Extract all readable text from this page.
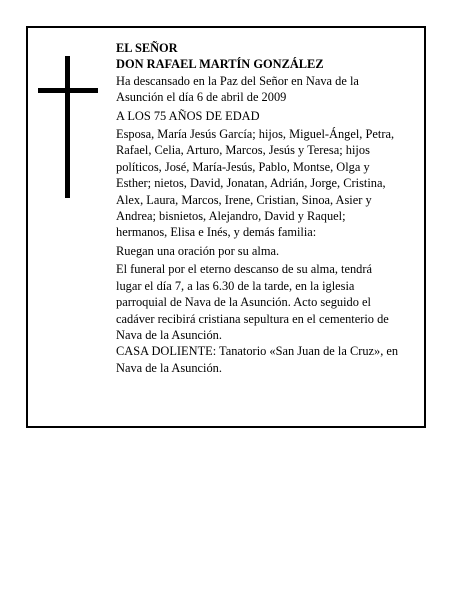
EL SEÑOR

DON RAFAEL MARTÍN GONZÁLEZ

Ha descansado en la Paz del Señor en Nava de la
Asunción el día 6 de abril de 2009

A LOS 75 AÑOS DE EDAD

Esposa, María Jesús García; hijos, Miguel-Ángel, Petra,
Rafael, Celia, Arturo, Marcos, Jesús y Teresa; hijos
políticos, José, María-Jesús, Pablo, Montse, Olga y
Esther; nietos, David, Jonatan, Adrián, Jorge, Cristina,
Alex, Laura, Marcos, Irene, Cristian, Sinoa, Asier y
Andrea; bisnietos, Alejandro, David y Raquel;
hermanos, Elisa e Inés, y demás familia:

Ruegan una oración por su alma.

El funeral por el eterno descanso de su alma, tendrá
lugar el día 7, a las 6.30 de la tarde, en la iglesia
parroquial de Nava de la Asunción. Acto seguido el
cadáver recibirá cristiana sepultura en el cementerio de
Nava de la Asunción.

CASA DOLIENTE: Tanatorio «San Juan de la Cruz», en
Nava de la Asunción.
